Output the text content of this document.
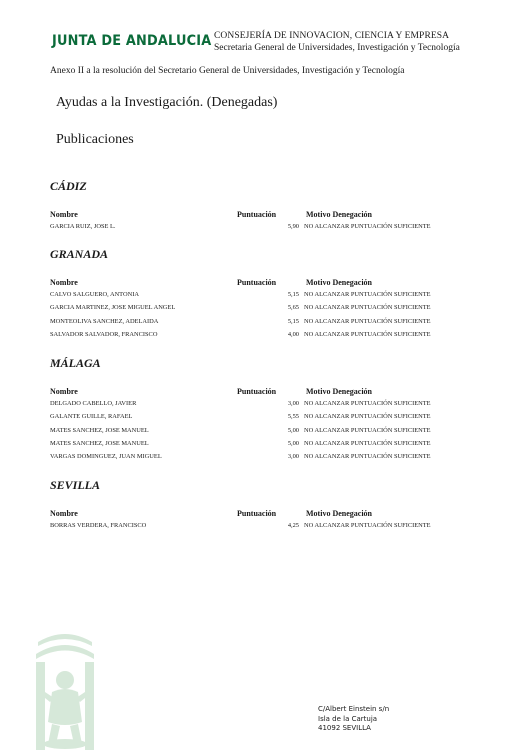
JUNTA DE ANDALUCIA CONSEJERÍA DE INNOVACION, CIENCIA Y EMPRESA
Secretaria General de Universidades, Investigación y Tecnología
Anexo II a la resolución del Secretario General de Universidades, Investigación y Tecnología
Ayudas a la Investigación. (Denegadas)
Publicaciones
CÁDIZ
Nombre	Puntuación	Motivo Denegación
GARCIA RUIZ, JOSE L.	5,90 NO ALCANZAR PUNTUACIÓN SUFICIENTE
GRANADA
Nombre	Puntuación	Motivo Denegación
CALVO SALGUERO, ANTONIA	5,15 NO ALCANZAR PUNTUACIÓN SUFICIENTE
GARCIA MARTINEZ, JOSE MIGUEL ANGEL	5,65 NO ALCANZAR PUNTUACIÓN SUFICIENTE
MONTEOLIVA SANCHEZ, ADELAIDA	5,15 NO ALCANZAR PUNTUACIÓN SUFICIENTE
SALVADOR SALVADOR, FRANCISCO	4,00 NO ALCANZAR PUNTUACIÓN SUFICIENTE
MÁLAGA
Nombre	Puntuación	Motivo Denegación
DELGADO CABELLO, JAVIER	3,00 NO ALCANZAR PUNTUACIÓN SUFICIENTE
GALANTE GUILLE, RAFAEL	5,55 NO ALCANZAR PUNTUACIÓN SUFICIENTE
MATES SANCHEZ, JOSE MANUEL	5,00 NO ALCANZAR PUNTUACIÓN SUFICIENTE
MATES SANCHEZ, JOSE MANUEL	5,00 NO ALCANZAR PUNTUACIÓN SUFICIENTE
VARGAS DOMINGUEZ, JUAN MIGUEL	3,00 NO ALCANZAR PUNTUACIÓN SUFICIENTE
SEVILLA
Nombre	Puntuación	Motivo Denegación
BORRAS VERDERA, FRANCISCO	4,25 NO ALCANZAR PUNTUACIÓN SUFICIENTE
C/Albert Einstein s/n
Isla de la Cartuja
41092 SEVILLA
